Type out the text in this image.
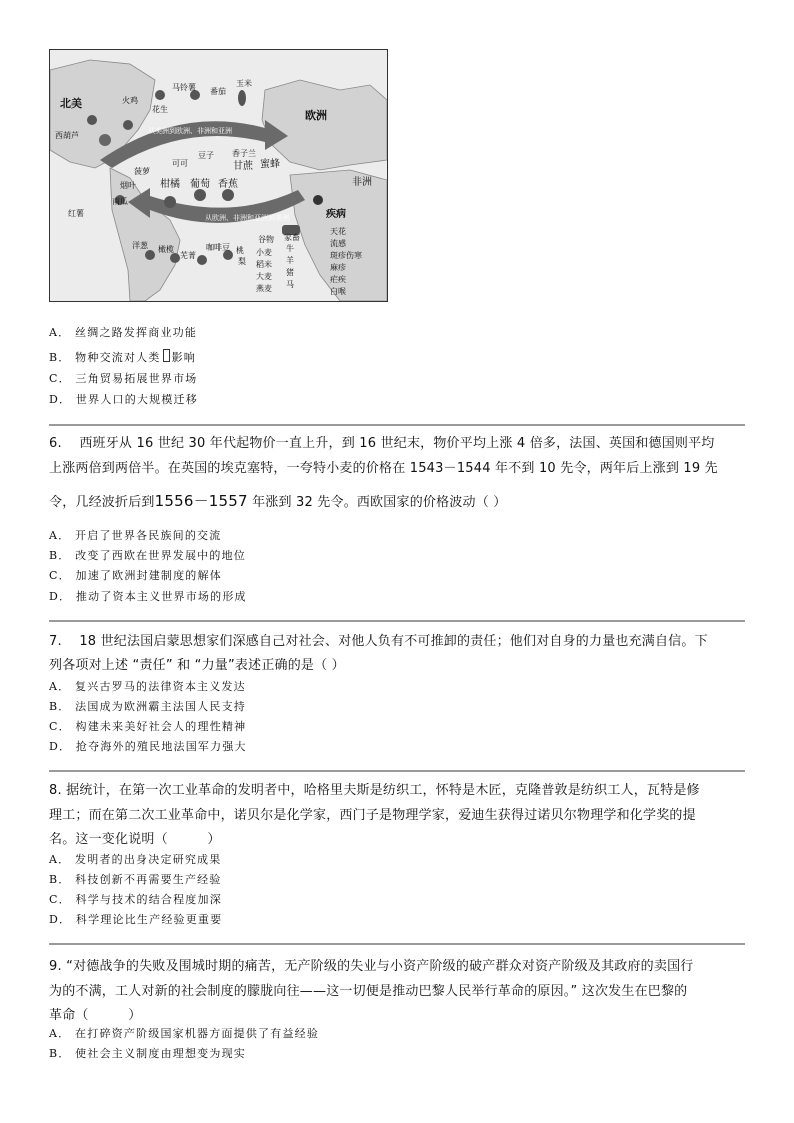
北美
欧洲
非洲
从美洲到欧洲、非洲和亚洲
从欧洲、非洲和亚洲到美洲
火鸡
花生
马铃薯 番茄
玉米
西葫芦
可可
豆子 香子兰
菠萝
烟叶
南瓜
红薯
甘蔗 蜜蜂
柑橘 葡萄 香蕉
洋葱 橄榄
芜菁
咖啡豆 桃
梨
谷物 家畜
小麦
稻米
大麦
燕麦
牛
羊
猪
马
疾病
天花
流感
斑疹伤寒
麻疹
疟疾
白喉
A． 丝绸之路发挥商业功能
B． 物种交流对人类 影响
C． 三角贸易拓展世界市场
D． 世界人口的大规模迁移
6.　 西班牙从 16 世纪 30 年代起物价一直上升，到 16 世纪末，物价平均上涨 4 倍多，法国、英国和德国则平均
上涨两倍到两倍半。在英国的埃克塞特，一夸特小麦的价格在 1543－1544 年不到 10 先令，两年后上涨到 19 先
令，几经波折后到1556－1557 年涨到 32 先令。西欧国家的价格波动（ ）
A． 开启了世界各民族间的交流
B． 改变了西欧在世界发展中的地位
C． 加速了欧洲封建制度的解体
D． 推动了资本主义世界市场的形成
7.　 18 世纪法国启蒙思想家们深感自己对社会、对他人负有不可推卸的责任；他们对自身的力量也充满自信。下
列各项对上述 “责任” 和 “力量”表述正确的是（ ）
A． 复兴古罗马的法律资本主义发达
B． 法国成为欧洲霸主法国人民支持
C． 构建未来美好社会人的理性精神
D． 抢夺海外的殖民地法国军力强大
8. 据统计，在第一次工业革命的发明者中，哈格里夫斯是纺织工，怀特是木匠，克隆普敦是纺织工人，瓦特是修
理工；而在第二次工业革命中，诺贝尔是化学家，西门子是物理学家，爱迪生获得过诺贝尔物理学和化学奖的提
名。这一变化说明（　　　）
A． 发明者的出身决定研究成果
B． 科技创新不再需要生产经验
C． 科学与技术的结合程度加深
D． 科学理论比生产经验更重要
9. “对德战争的失败及围城时期的痛苦，无产阶级的失业与小资产阶级的破产群众对资产阶级及其政府的卖国行
为的不满，工人对新的社会制度的朦胧向往——这一切便是推动巴黎人民举行革命的原因。” 这次发生在巴黎的
革命（　　　）
A． 在打碎资产阶级国家机器方面提供了有益经验
B． 使社会主义制度由理想变为现实
